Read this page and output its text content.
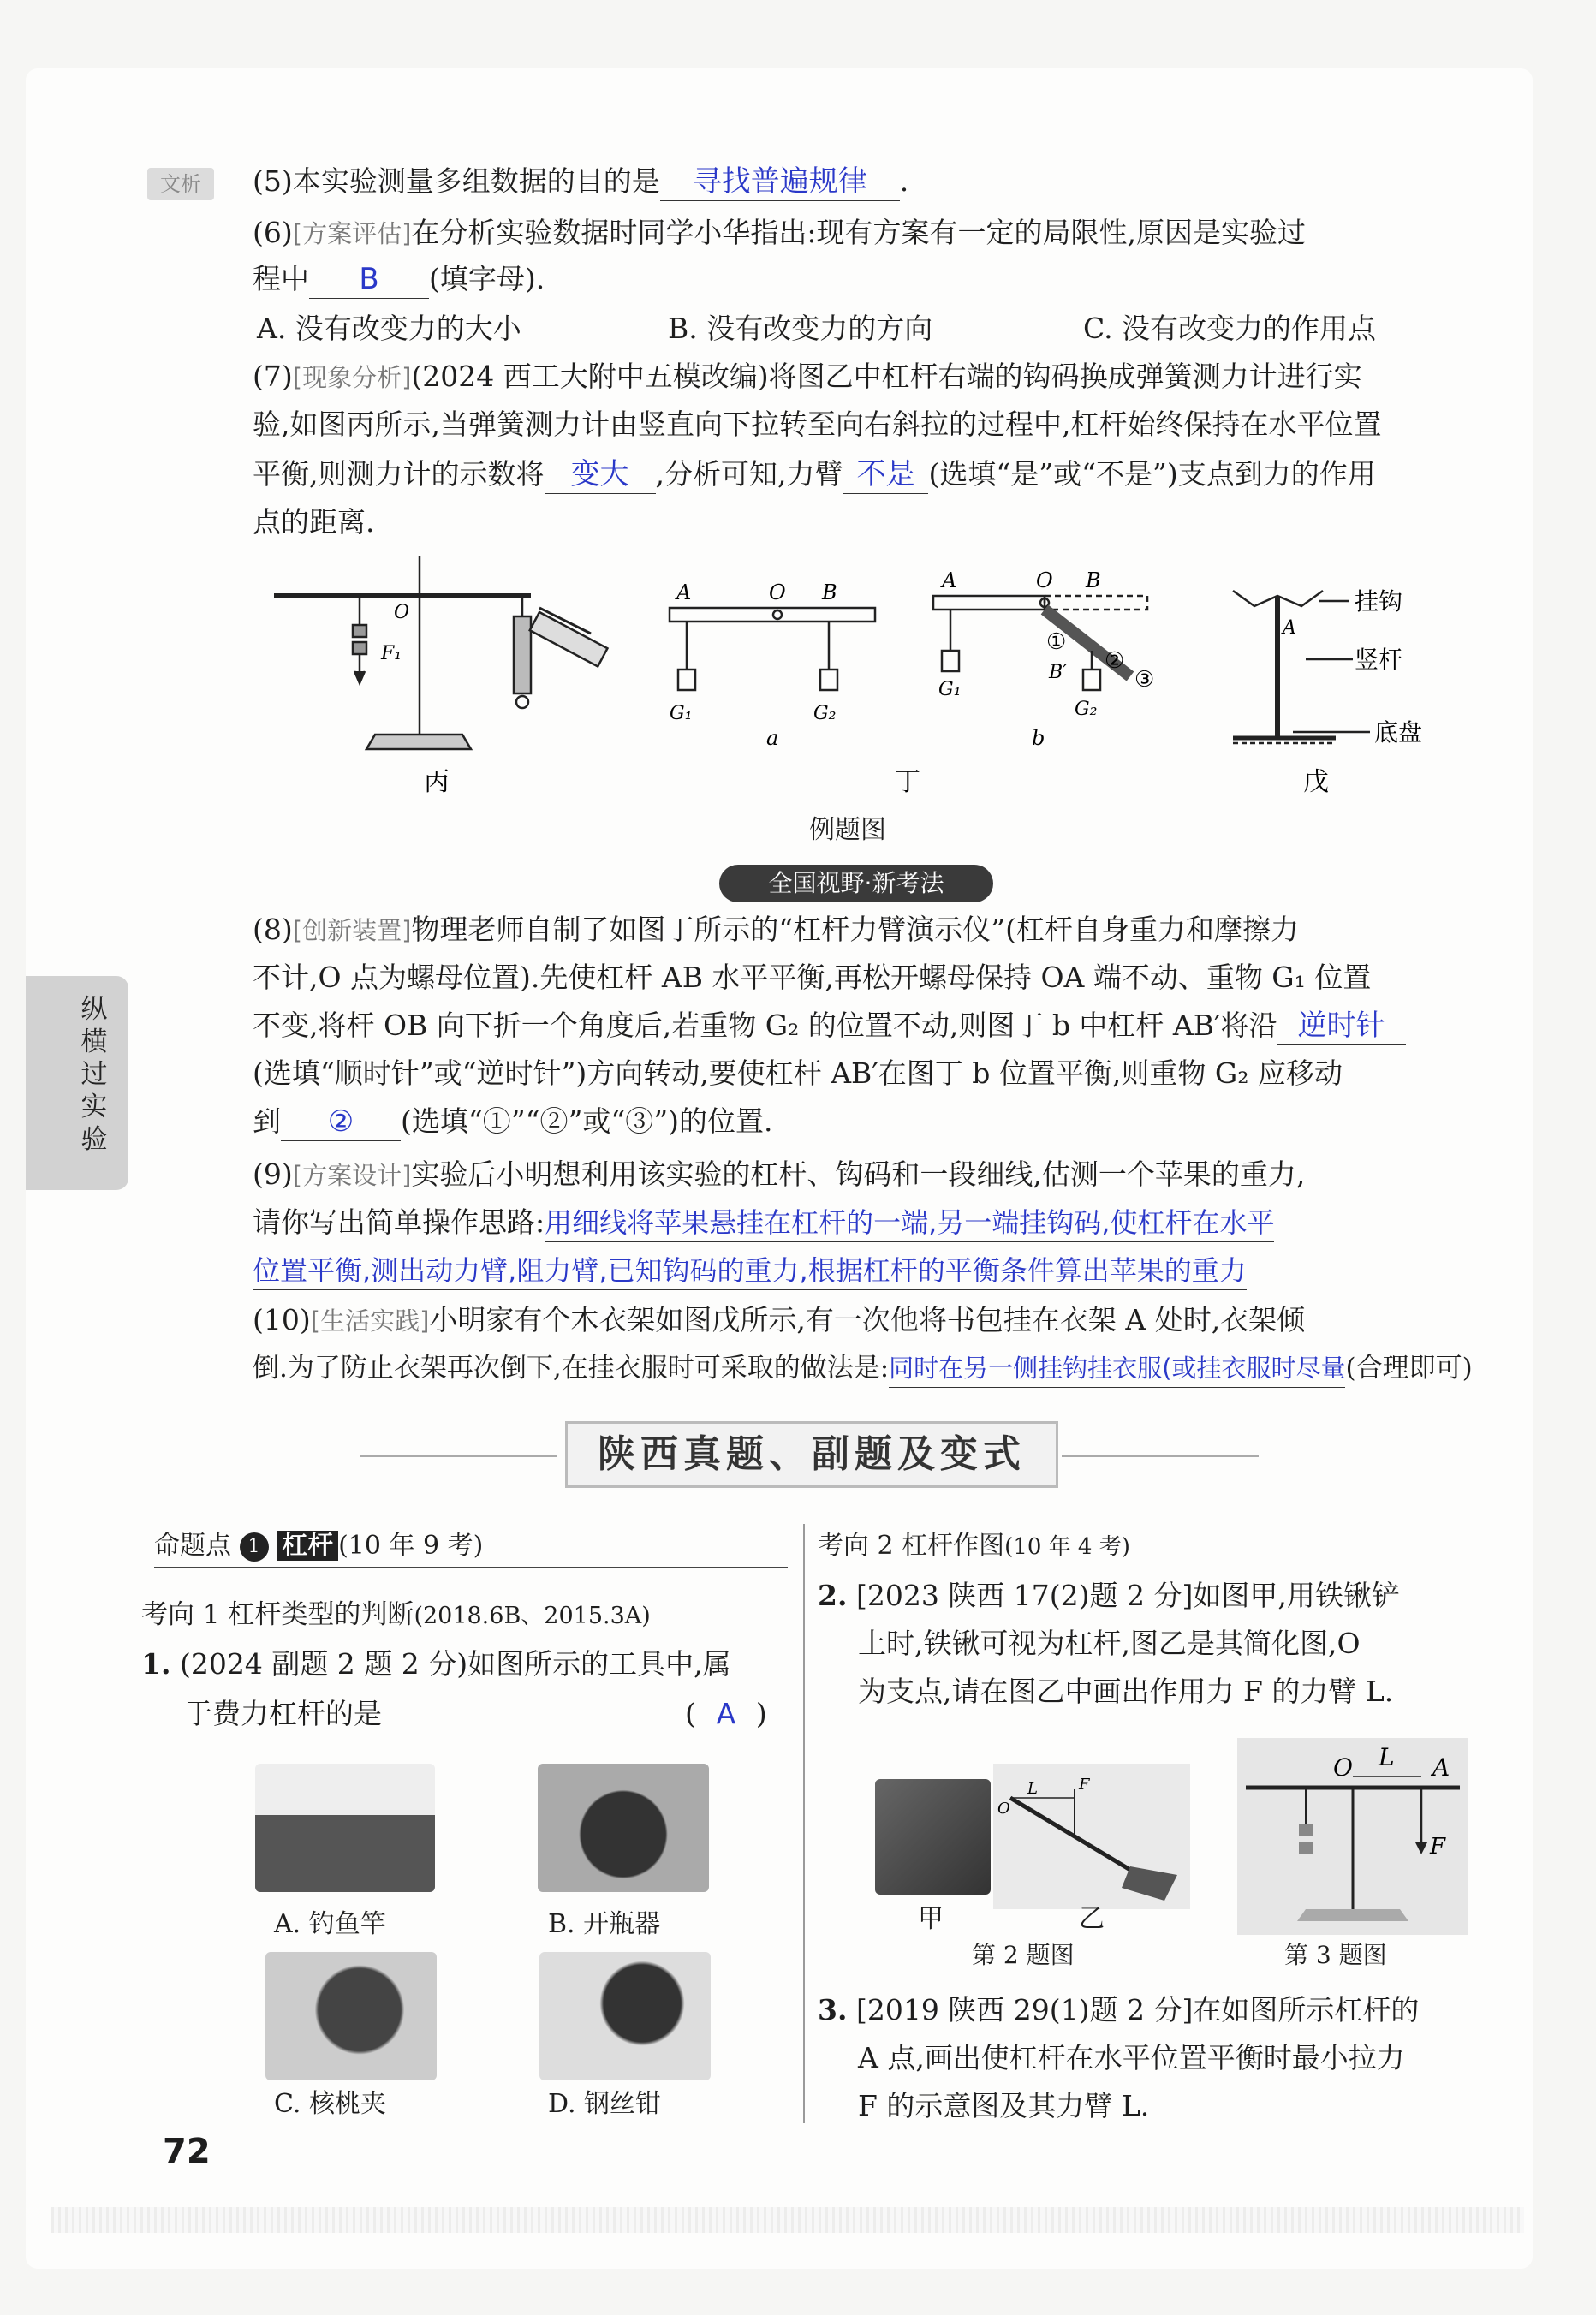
纵横过实验
文析	(5)本实验测量多组数据的目的是 寻找普遍规律 .
(6)[方案评估]在分析实验数据时同学小华指出:现有方案有一定的局限性,原因是实验过
程中 B (填字母).
A. 没有改变力的大小	B. 没有改变力的方向	C. 没有改变力的作用点
(7)[现象分析](2024 西工大附中五模改编)将图乙中杠杆右端的钩码换成弹簧测力计进行实
验,如图丙所示,当弹簧测力计由竖直向下拉转至向右斜拉的过程中,杠杆始终保持在水平位置
平衡,则测力计的示数将 变大 ,分析可知,力臂 不是 (选填“是”或“不是”)支点到力的作用
点的距离.
F₁
O
丙
A	O B
G₁	G₂
a
A	O B
①
②
③
B′
G₁
G₂
b
丁
挂钩
竖杆
底盘
A
戊
例题图
全国视野·新考法
(8)[创新装置]物理老师自制了如图丁所示的“杠杆力臂演示仪”(杠杆自身重力和摩擦力
不计,O 点为螺母位置).先使杠杆 AB 水平平衡,再松开螺母保持 OA 端不动、重物 G₁ 位置
不变,将杆 OB 向下折一个角度后,若重物 G₂ 的位置不动,则图丁 b 中杠杆 AB′将沿 逆时针
(选填“顺时针”或“逆时针”)方向转动,要使杠杆 AB′在图丁 b 位置平衡,则重物 G₂ 应移动
到 ② (选填“①”“②”或“③”)的位置.
(9)[方案设计]实验后小明想利用该实验的杠杆、钩码和一段细线,估测一个苹果的重力,
请你写出简单操作思路:用细线将苹果悬挂在杠杆的一端,另一端挂钩码,使杠杆在水平
位置平衡,测出动力臂,阻力臂,已知钩码的重力,根据杠杆的平衡条件算出苹果的重力
(10)[生活实践]小明家有个木衣架如图戊所示,有一次他将书包挂在衣架 A 处时,衣架倾
倒.为了防止衣架再次倒下,在挂衣服时可采取的做法是:同时在另一侧挂钩挂衣服(或挂衣服时尽量(合理即可)
陕西真题、副题及变式
命题点 1 杠杆 (10 年 9 考)
考向 1 杠杆类型的判断(2018.6B、2015.3A)
1. (2024 副题 2 题 2 分)如图所示的工具中,属
于费力杠杆的是	( A )
A. 钓鱼竿	B. 开瓶器
C. 核桃夹	D. 钢丝钳
考向 2 杠杆作图(10 年 4 考)
2. [2023 陕西 17(2)题 2 分]如图甲,用铁锹铲
土时,铁锹可视为杠杆,图乙是其简化图,O
为支点,请在图乙中画出作用力 F 的力臂 L.
L	F
O
甲	乙
第 2 题图
O L A
F
第 3 题图
3. [2019 陕西 29(1)题 2 分]在如图所示杠杆的
A 点,画出使杠杆在水平位置平衡时最小拉力
F 的示意图及其力臂 L.
72
